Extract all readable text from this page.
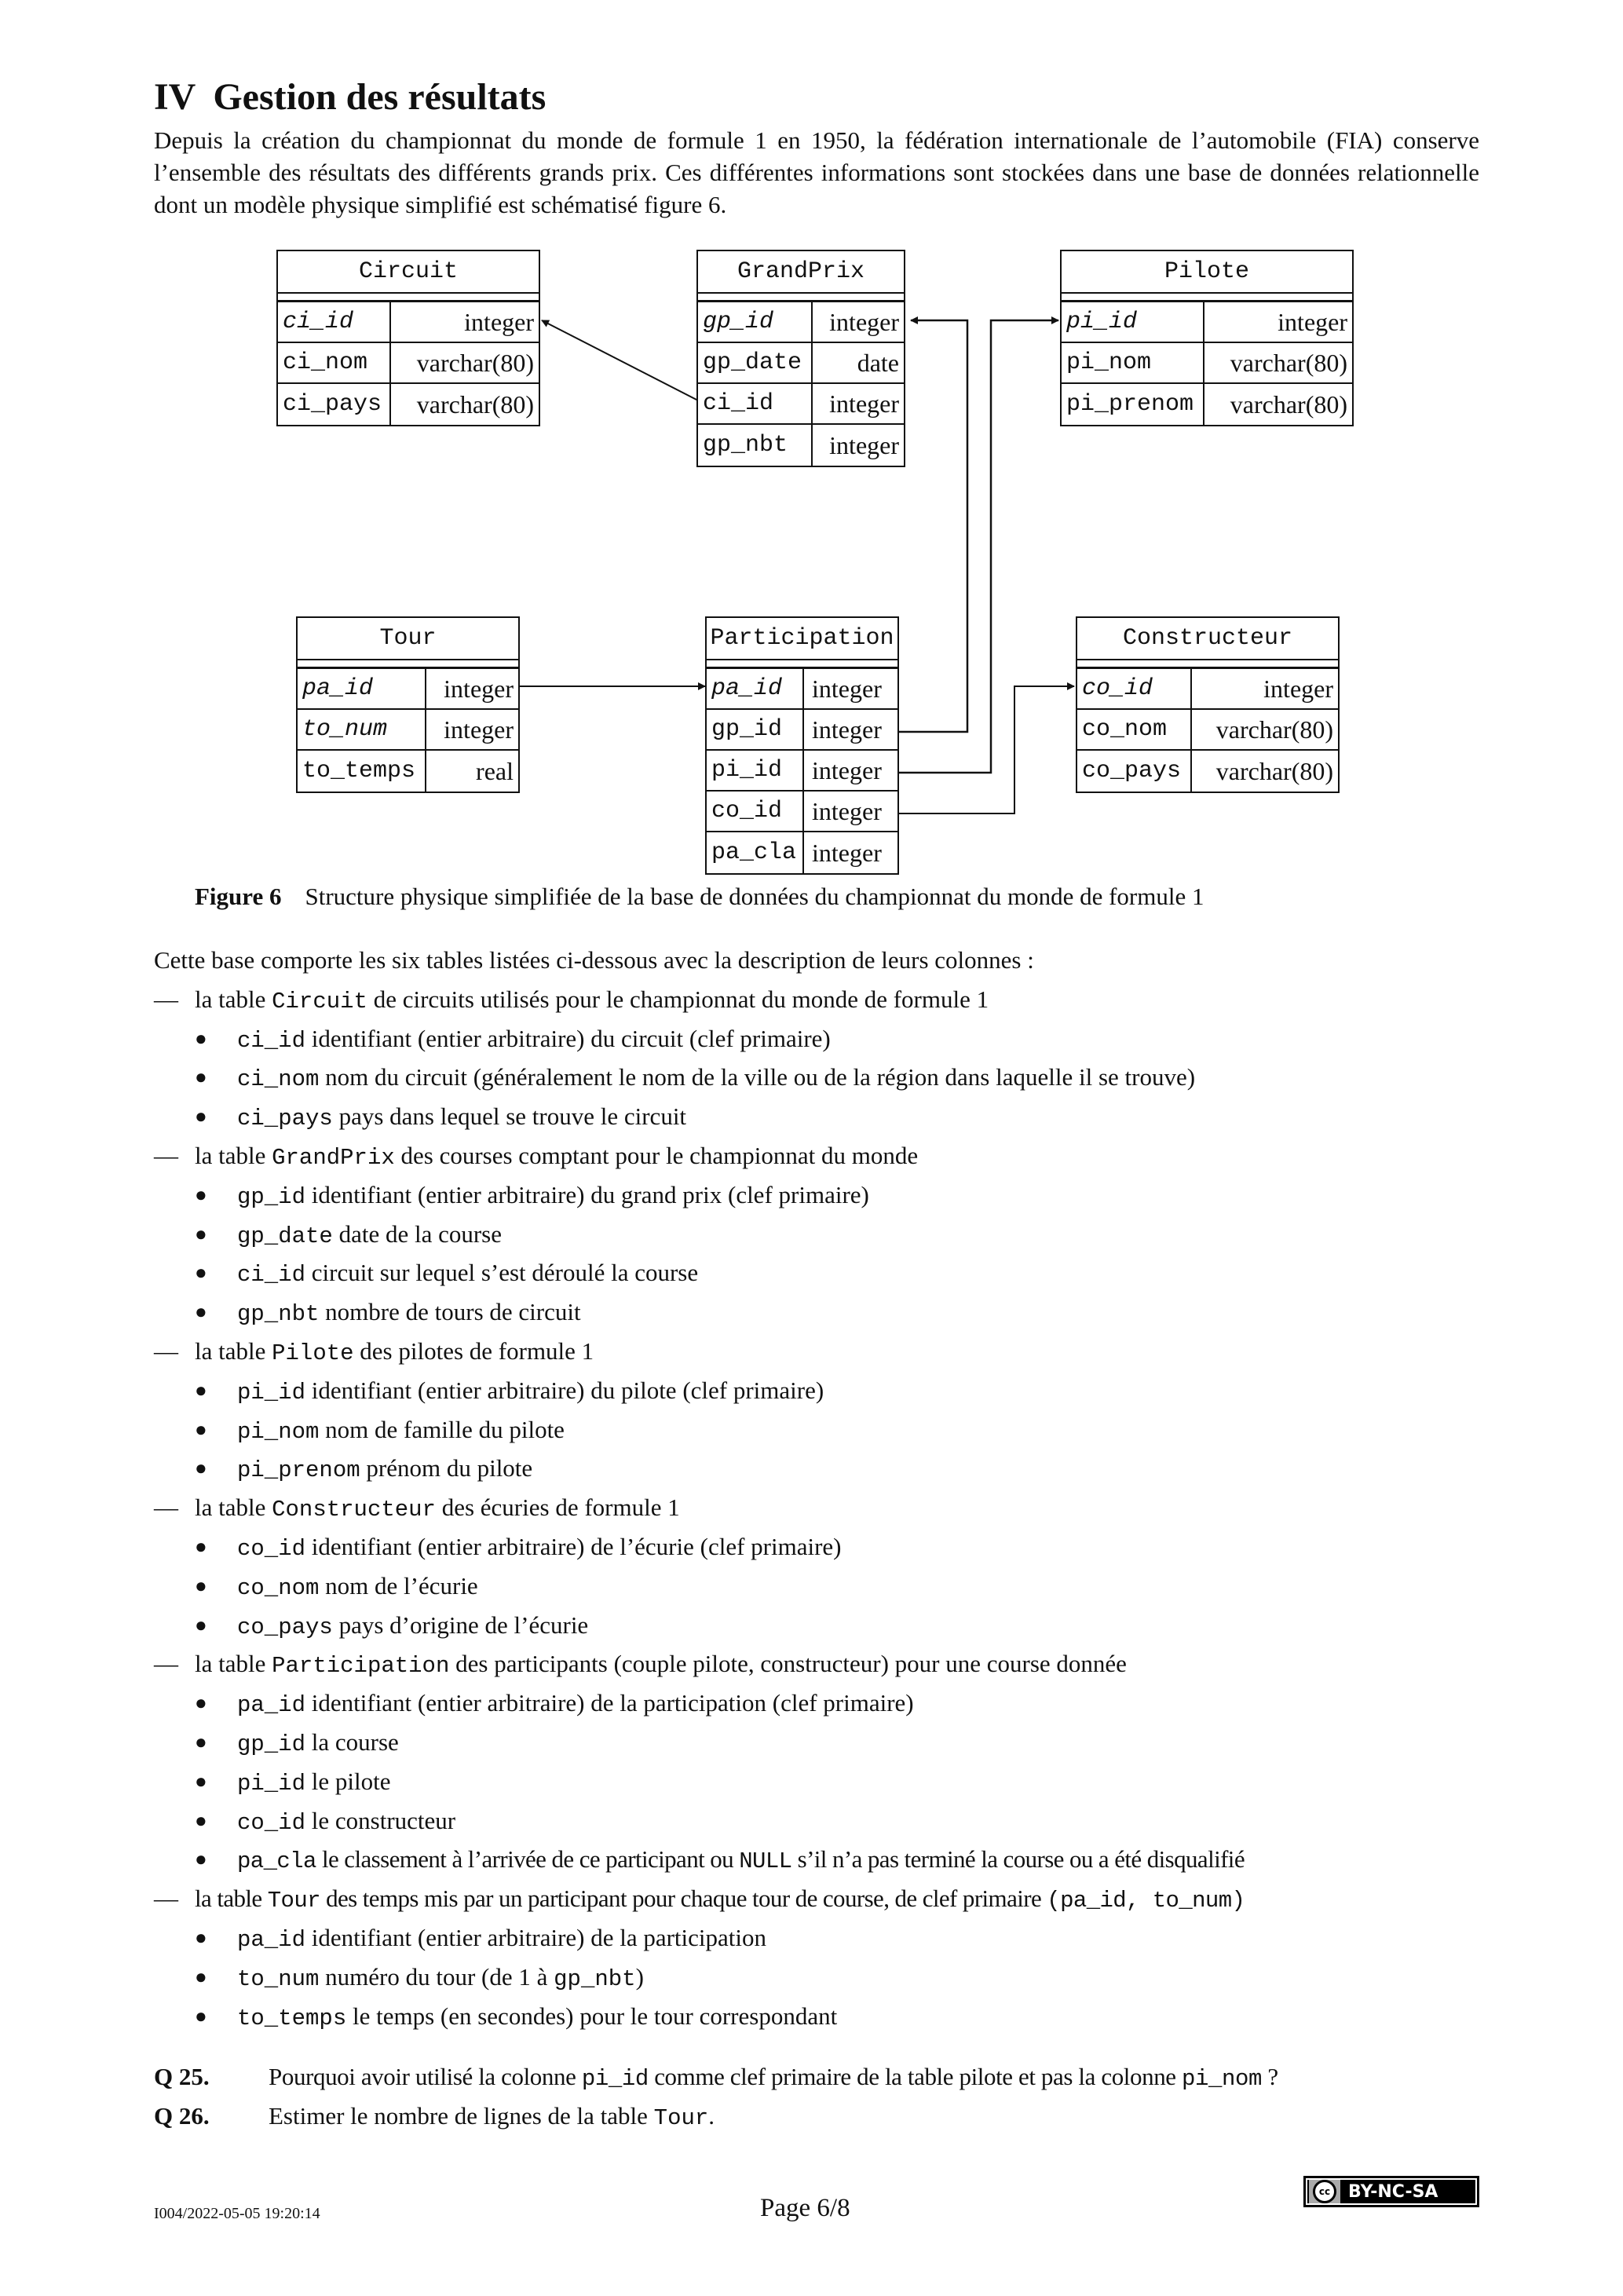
IV Gestion des résultats
Depuis la création du championnat du monde de formule 1 en 1950, la fédération internationale de l’automobile (FIA) conserve l’ensemble des résultats des différents grands prix. Ces différentes informations sont stockées dans une base de données relationnelle dont un modèle physique simplifié est schématisé figure 6.
Circuit
ci_id	integer
ci_nom	varchar(80)
ci_pays	varchar(80)
GrandPrix
gp_id	integer
gp_date	date
ci_id	integer
gp_nbt	integer
Pilote
pi_id	integer
pi_nom	varchar(80)
pi_prenom	varchar(80)
Tour
pa_id	integer
to_num	integer
to_temps	real
Participation
pa_id	integer
gp_id	integer
pi_id	integer
co_id	integer
pa_cla integer
Constructeur
co_id	integer
co_nom	varchar(80)
co_pays	varchar(80)
Figure 6 Structure physique simplifiée de la base de données du championnat du monde de formule 1
Cette base comporte les six tables listées ci-dessous avec la description de leurs colonnes :
— la table Circuit de circuits utilisés pour le championnat du monde de formule 1
● ci_id identifiant (entier arbitraire) du circuit (clef primaire)
● ci_nom nom du circuit (généralement le nom de la ville ou de la région dans laquelle il se trouve)
● ci_pays pays dans lequel se trouve le circuit
— la table GrandPrix des courses comptant pour le championnat du monde
● gp_id identifiant (entier arbitraire) du grand prix (clef primaire)
● gp_date date de la course
● ci_id circuit sur lequel s’est déroulé la course
● gp_nbt nombre de tours de circuit
— la table Pilote des pilotes de formule 1
● pi_id identifiant (entier arbitraire) du pilote (clef primaire)
● pi_nom nom de famille du pilote
● pi_prenom prénom du pilote
— la table Constructeur des écuries de formule 1
● co_id identifiant (entier arbitraire) de l’écurie (clef primaire)
● co_nom nom de l’écurie
● co_pays pays d’origine de l’écurie
— la table Participation des participants (couple pilote, constructeur) pour une course donnée
● pa_id identifiant (entier arbitraire) de la participation (clef primaire)
● gp_id la course
● pi_id le pilote
● co_id le constructeur
● pa_cla le classement à l’arrivée de ce participant ou NULL s’il n’a pas terminé la course ou a été disqualifié
— la table Tour des temps mis par un participant pour chaque tour de course, de clef primaire (pa_id, to_num)
● pa_id identifiant (entier arbitraire) de la participation
● to_num numéro du tour (de 1 à gp_nbt)
● to_temps le temps (en secondes) pour le tour correspondant
Q 25.	Pourquoi avoir utilisé la colonne pi_id comme clef primaire de la table pilote et pas la colonne pi_nom ?
Q 26.	Estimer le nombre de lignes de la table Tour.
I004/2022-05-05 19:20:14	Page 6/8
cc	BY-NC-SA
